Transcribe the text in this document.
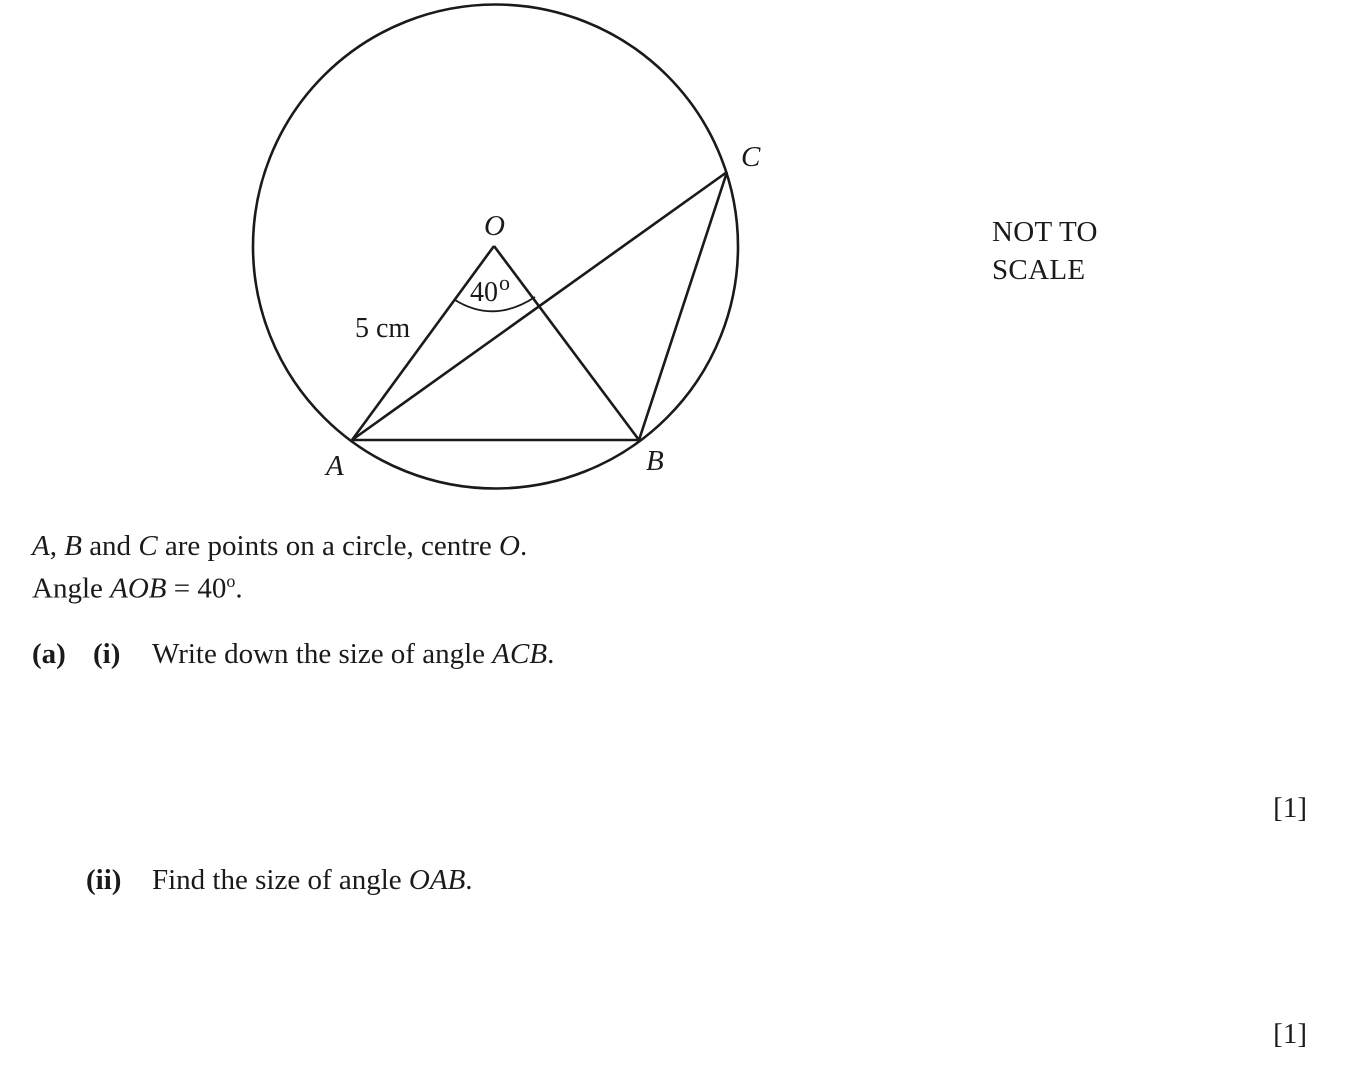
O
A	B
C
40 o
5 cm
NOT TO
SCALE
A, B and C are points on a circle, centre O.
Angle AOB = $40^o$.
(a) (i) Write down the size of angle ACB.
[1]
(ii) Find the size of angle OAB.
[1]
